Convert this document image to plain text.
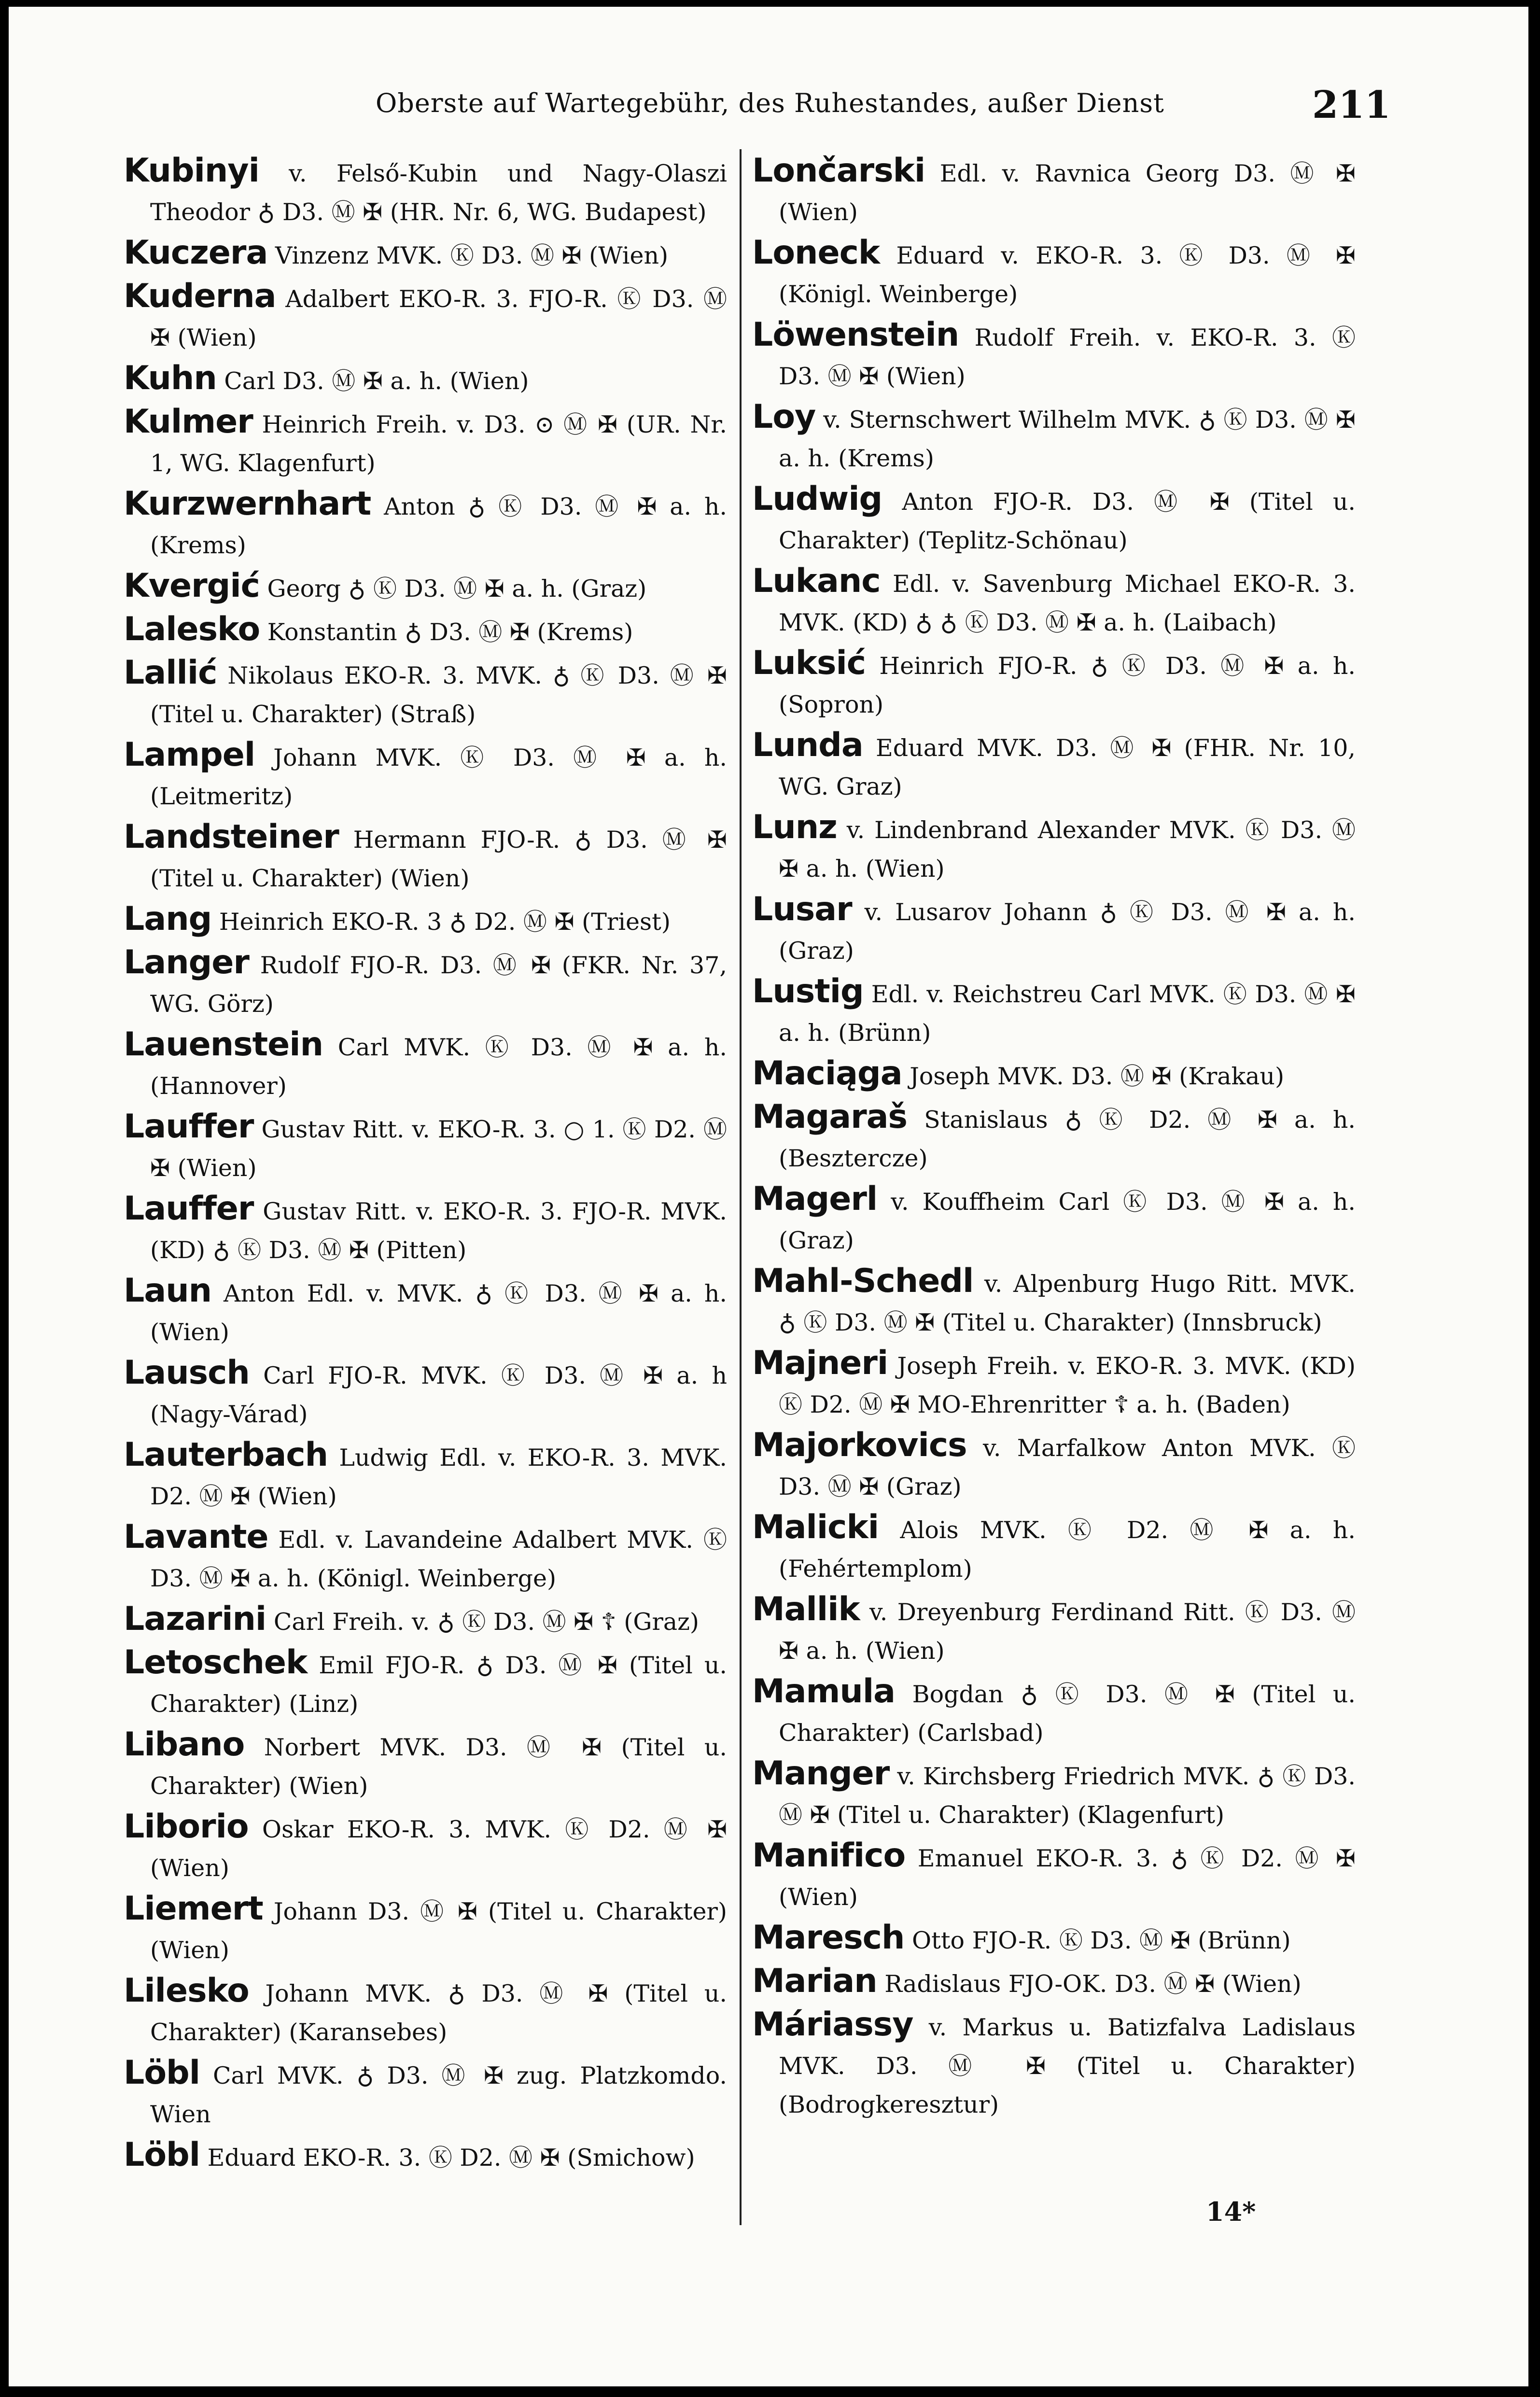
Oberste auf Wartegebühr, des Ruhestandes, außer Dienst	211
Kubinyi v. Felső-Kubin und Nagy-Olaszi Theodor ♁ D3. Ⓜ ✠ (HR. Nr. 6, WG. Budapest)
Kuczera Vinzenz MVK. Ⓚ D3. Ⓜ ✠ (Wien)
Kuderna Adalbert EKO-R. 3. FJO-R. Ⓚ D3. Ⓜ ✠ (Wien)
Kuhn Carl D3. Ⓜ ✠ a. h. (Wien)
Kulmer Heinrich Freih. v. D3. ⊙ Ⓜ ✠ (UR. Nr. 1, WG. Klagenfurt)
Kurzwernhart Anton ♁ Ⓚ D3. Ⓜ ✠ a. h. (Krems)
Kvergić Georg ♁ Ⓚ D3. Ⓜ ✠ a. h. (Graz)
Lalesko Konstantin ♁ D3. Ⓜ ✠ (Krems)
Lallić Nikolaus EKO-R. 3. MVK. ♁ Ⓚ D3. Ⓜ ✠ (Titel u. Charakter) (Straß)
Lampel Johann MVK. Ⓚ D3. Ⓜ ✠ a. h. (Leitmeritz)
Landsteiner Hermann FJO-R. ♁ D3. Ⓜ ✠ (Titel u. Charakter) (Wien)
Lang Heinrich EKO-R. 3 ♁ D2. Ⓜ ✠ (Triest)
Langer Rudolf FJO-R. D3. Ⓜ ✠ (FKR. Nr. 37, WG. Görz)
Lauenstein Carl MVK. Ⓚ D3. Ⓜ ✠ a. h. (Hannover)
Lauffer Gustav Ritt. v. EKO-R. 3. ○ 1. Ⓚ D2. Ⓜ ✠ (Wien)
Lauffer Gustav Ritt. v. EKO-R. 3. FJO-R. MVK. (KD) ♁ Ⓚ D3. Ⓜ ✠ (Pitten)
Laun Anton Edl. v. MVK. ♁ Ⓚ D3. Ⓜ ✠ a. h. (Wien)
Lausch Carl FJO-R. MVK. Ⓚ D3. Ⓜ ✠ a. h (Nagy-Várad)
Lauterbach Ludwig Edl. v. EKO-R. 3. MVK. D2. Ⓜ ✠ (Wien)
Lavante Edl. v. Lavandeine Adalbert MVK. Ⓚ D3. Ⓜ ✠ a. h. (Königl. Weinberge)
Lazarini Carl Freih. v. ♁ Ⓚ D3. Ⓜ ✠ ☦ (Graz)
Letoschek Emil FJO-R. ♁ D3. Ⓜ ✠ (Titel u. Charakter) (Linz)
Libano Norbert MVK. D3. Ⓜ ✠ (Titel u. Charakter) (Wien)
Liborio Oskar EKO-R. 3. MVK. Ⓚ D2. Ⓜ ✠ (Wien)
Liemert Johann D3. Ⓜ ✠ (Titel u. Charakter) (Wien)
Lilesko Johann MVK. ♁ D3. Ⓜ ✠ (Titel u. Charakter) (Karansebes)
Löbl Carl MVK. ♁ D3. Ⓜ ✠ zug. Platzkomdo. Wien
Löbl Eduard EKO-R. 3. Ⓚ D2. Ⓜ ✠ (Smichow)
Lončarski Edl. v. Ravnica Georg D3. Ⓜ ✠ (Wien)
Loneck Eduard v. EKO-R. 3. Ⓚ D3. Ⓜ ✠ (Königl. Weinberge)
Löwenstein Rudolf Freih. v. EKO-R. 3. Ⓚ D3. Ⓜ ✠ (Wien)
Loy v. Sternschwert Wilhelm MVK. ♁ Ⓚ D3. Ⓜ ✠ a. h. (Krems)
Ludwig Anton FJO-R. D3. Ⓜ ✠ (Titel u. Charakter) (Teplitz-Schönau)
Lukanc Edl. v. Savenburg Michael EKO-R. 3. MVK. (KD) ♁ ♁ Ⓚ D3. Ⓜ ✠ a. h. (Laibach)
Luksić Heinrich FJO-R. ♁ Ⓚ D3. Ⓜ ✠ a. h. (Sopron)
Lunda Eduard MVK. D3. Ⓜ ✠ (FHR. Nr. 10, WG. Graz)
Lunz v. Lindenbrand Alexander MVK. Ⓚ D3. Ⓜ ✠ a. h. (Wien)
Lusar v. Lusarov Johann ♁ Ⓚ D3. Ⓜ ✠ a. h. (Graz)
Lustig Edl. v. Reichstreu Carl MVK. Ⓚ D3. Ⓜ ✠ a. h. (Brünn)
Maciąga Joseph MVK. D3. Ⓜ ✠ (Krakau)
Magaraš Stanislaus ♁ Ⓚ D2. Ⓜ ✠ a. h. (Beszterczе)
Magerl v. Kouffheim Carl Ⓚ D3. Ⓜ ✠ a. h. (Graz)
Mahl-Schedl v. Alpenburg Hugo Ritt. MVK. ♁ Ⓚ D3. Ⓜ ✠ (Titel u. Charakter) (Innsbruck)
Majneri Joseph Freih. v. EKO-R. 3. MVK. (KD) Ⓚ D2. Ⓜ ✠ MO-Ehrenritter ☦ a. h. (Baden)
Majorkovics v. Marfalkow Anton MVK. Ⓚ D3. Ⓜ ✠ (Graz)
Malicki Alois MVK. Ⓚ D2. Ⓜ ✠ a. h. (Fehértemplom)
Mallik v. Dreyenburg Ferdinand Ritt. Ⓚ D3. Ⓜ ✠ a. h. (Wien)
Mamula Bogdan ♁ Ⓚ D3. Ⓜ ✠ (Titel u. Charakter) (Carlsbad)
Manger v. Kirchsberg Friedrich MVK. ♁ Ⓚ D3. Ⓜ ✠ (Titel u. Charakter) (Klagenfurt)
Manifico Emanuel EKO-R. 3. ♁ Ⓚ D2. Ⓜ ✠ (Wien)
Maresch Otto FJO-R. Ⓚ D3. Ⓜ ✠ (Brünn)
Marian Radislaus FJO-OK. D3. Ⓜ ✠ (Wien)
Máriassy v. Markus u. Batizfalva Ladislaus MVK. D3. Ⓜ ✠ (Titel u. Charakter) (Bodrogkeresztur)
14*
